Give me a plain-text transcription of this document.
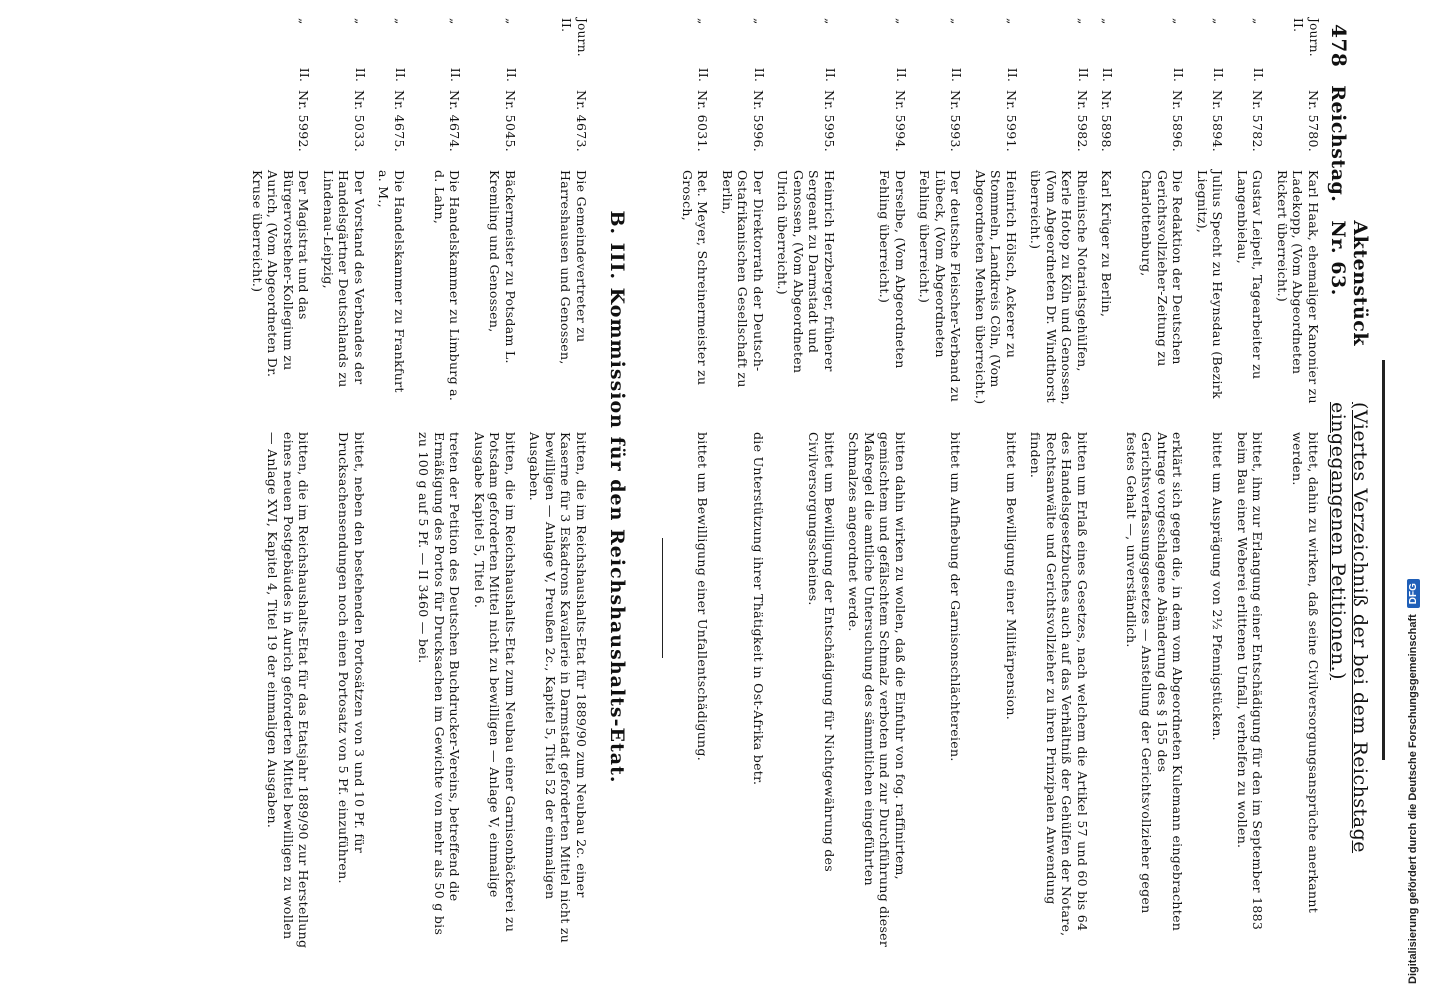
478
Reichstag.
Aktenstück Nr. 63.
(Viertes Verzeichniß der bei dem Reichstage eingegangenen Petitionen.)
Journ. II.
Nr. 5780.
Karl Haak, ehemaliger Kanonier zu Ladekopp, (Vom Abgeordneten Rickert überreicht.)
bittet, dahin zu wirken, daß seine Civilversorgungsansprüche anerkannt werden.
„
II.
Nr. 5782.
Gustav Leipelt, Tagearbeiter zu Langenbielau,
bittet, ihm zur Erlangung einer Entschädigung für den im September 1883 beim Bau einer Weberei erlittenen Unfall, verhelfen zu wollen.
„
II.
Nr. 5894.
Julius Specht zu Heynsdau (Bezirk Liegnitz),
bittet um Ausprägung von 2½ Pfennigstücken.
„
II.
Nr. 5896.
Die Redaktion der Deutschen Gerichtsvollzieher-Zeitung zu Charlottenburg,
erklärt sich gegen die, in dem vom Abgeordneten Kulemann eingebrachten Antrage vorgeschlagene Abänderung des § 155 des Gerichtsverfassungsgesetzes — Anstellung der Gerichtsvollzieher gegen festes Gehalt —, unverständlich.
„
II.
Nr. 5898.
Karl Krüger zu Berlin,
„
II.
Nr. 5982.
Rheinische Notariatsgehülfen, Kerle Hotop zu Köln und Genossen, (Vom Abgeordneten Dr. Windthorst überreicht.)
bitten um Erlaß eines Gesetzes, nach welchem die Artikel 57 und 60 bis 64 des Handelsgesetzbuches auch auf das Verhältniß der Gehülfen der Notare, Rechtsanwälte und Gerichtsvollzieher zu ihren Prinzipalen Anwendung finden.
„
II.
Nr. 5991.
Heinrich Hölsch, Ackerer zu Stommeln, Landkreis Cöln, (Vom Abgeordneten Menken überreicht.)
bittet um Bewilligung einer Militärpension.
„
II.
Nr. 5993.
Der deutsche Fleischer-Verband zu Lübeck, (Vom Abgeordneten Fehling überreicht.)
bittet um Aufhebung der Garnisonschlächtereien.
„
II.
Nr. 5994.
Derselbe, (Vom Abgeordneten Fehling überreicht.)
bitten dahin wirken zu wollen, daß die Einfuhr von fog. raffinirtem, gemischtem und gefälschtem Schmalz verboten und zur Durchführung dieser Maßregel die amtliche Untersuchung des sämmtlichen eingeführten Schmalzes angeordnet werde.
„
II.
Nr. 5995.
Heinrich Herzberger, früherer Sergeant zu Darmstadt und Genossen, (Vom Abgeordneten Ulrich überreicht.)
bittet um Bewilligung der Entschädigung für Nichtgewährung des Civilversorgungsscheines.
„
II.
Nr. 5996.
Der Direktorrath der Deutsch-Ostafrikanischen Gesellschaft zu Berlin,
die Unterstützung ihrer Thätigkeit in Ost-Afrika betr.
„
II.
Nr. 6031.
Ret. Meyer, Schreinermeister zu Grosch,
bittet um Bewilligung einer Unfallentschädigung.
B. III. Kommission für den Reichshaushalts-Etat.
Journ. II.
Nr. 4673.
Die Gemeindevertreter zu Harreshausen und Genossen,
bitten, die im Reichshaushalts-Etat für 1889/90 zum Neubau 2c. einer Kaserne für 3 Eskadrons Kavallerie in Darmstadt geforderten Mittel nicht zu bewilligen — Anlage V, Preußen 2c., Kapitel 5, Titel 52 der einmaligen Ausgaben.
„
II.
Nr. 5045.
Bäckermeister zu Potsdam L. Kremling und Genossen,
bitten, die im Reichshaushalts-Etat zum Neubau einer Garnisonbäckerei zu Potsdam geforderten Mittel nicht zu bewilligen — Anlage V, einmalige Ausgabe Kapitel 5, Titel 6.
„
II.
Nr. 4674.
Die Handelskammer zu Limburg a. d. Lahn,
treten der Petition des Deutschen Buchdrucker-Vereins, betreffend die Ermäßigung des Portos für Drucksachen im Gewichte von mehr als 50 g bis zu 100 g auf 5 Pf. — II 3460 — bei.
„
II.
Nr. 4675.
Die Handelskammer zu Frankfurt a. M.,
„
II.
Nr. 5033.
Der Vorstand des Verbandes der Handelsgärtner Deutschlands zu Lindenau-Leipzig,
bittet, neben den bestehenden Portosätzen von 3 und 10 Pf. für Drucksachensendungen noch einen Portosatz von 5 Pf. einzuführen.
„
II.
Nr. 5992.
Der Magistrat und das Bürgervorsteher-Kollegium zu Aurich, (Vom Abgeordneten Dr. Kruse überreicht.)
bitten, die im Reichshaushalts-Etat für das Etatsjahr 1889/90 zur Herstellung eines neuen Postgebäudes in Aurich geforderten Mittel bewilligen zu wollen — Anlage XVI, Kapitel 4, Titel 19 der einmaligen Ausgaben.	Digitalisierung gefördert durch die Deutsche Forschungsgemeinschaft
DFG
